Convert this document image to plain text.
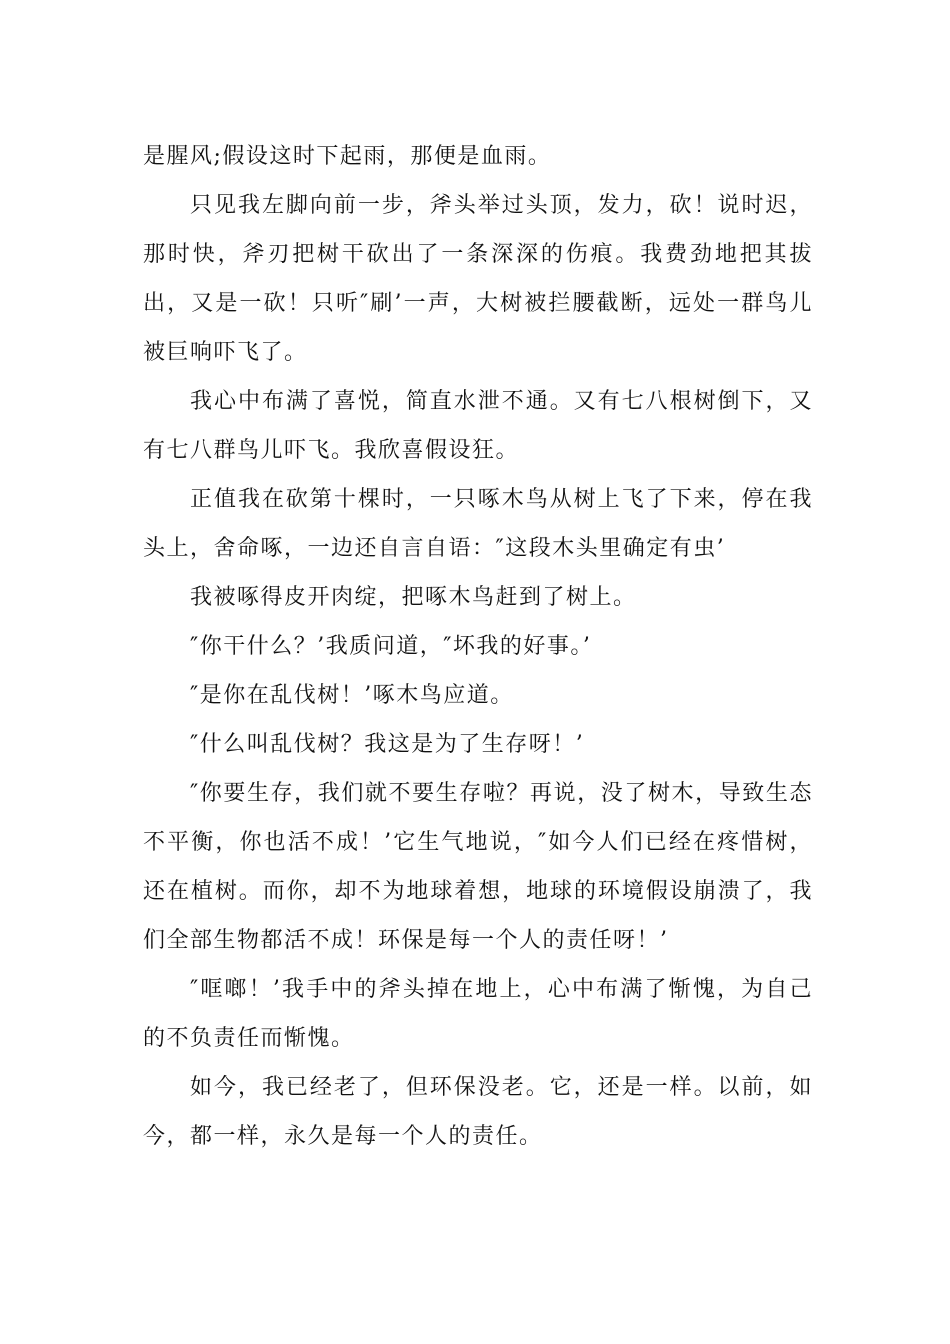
是腥风;假设这时下起雨，那便是血雨。

只见我左脚向前一步，斧头举过头顶，发力，砍！说时迟，那时快，斧刃把树干砍出了一条深深的伤痕。我费劲地把其拔出，又是一砍！只听″刷’一声，大树被拦腰截断，远处一群鸟儿被巨响吓飞了。

我心中布满了喜悦，简直水泄不通。又有七八根树倒下，又有七八群鸟儿吓飞。我欣喜假设狂。

正值我在砍第十棵时，一只啄木鸟从树上飞了下来，停在我头上，舍命啄，一边还自言自语：″这段木头里确定有虫’

我被啄得皮开肉绽，把啄木鸟赶到了树上。

″你干什么？’我质问道，″坏我的好事。’

″是你在乱伐树！’啄木鸟应道。

″什么叫乱伐树？我这是为了生存呀！’

″你要生存，我们就不要生存啦？再说，没了树木，导致生态不平衡，你也活不成！’它生气地说，″如今人们已经在疼惜树，还在植树。而你，却不为地球着想，地球的环境假设崩溃了，我们全部生物都活不成！环保是每一个人的责任呀！’

″哐啷！’我手中的斧头掉在地上，心中布满了惭愧，为自己的不负责任而惭愧。

如今，我已经老了，但环保没老。它，还是一样。以前，如今，都一样，永久是每一个人的责任。
